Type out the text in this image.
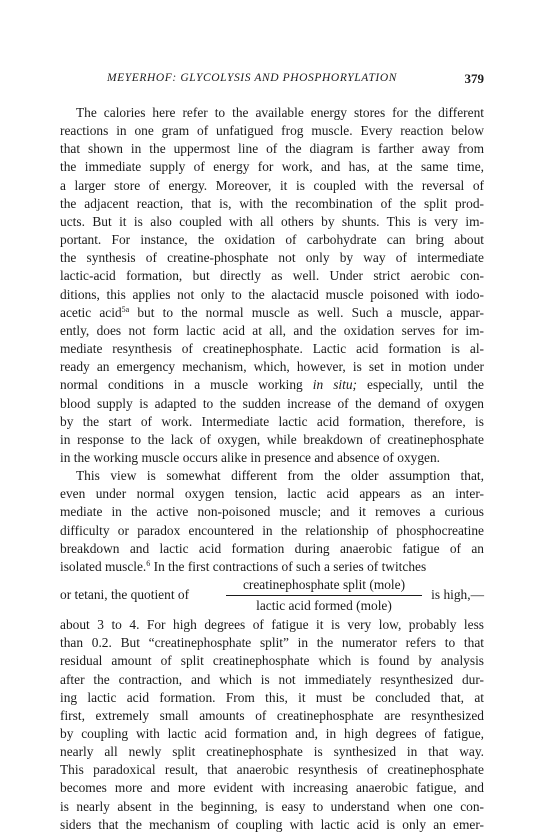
MEYERHOF: GLYCOLYSIS AND PHOSPHORYLATION	379

The calories here refer to the available energy stores for the different
reactions in one gram of unfatigued frog muscle. Every reaction below
that shown in the uppermost line of the diagram is farther away from
the immediate supply of energy for work, and has, at the same time,
a larger store of energy. Moreover, it is coupled with the reversal of
the adjacent reaction, that is, with the recombination of the split prod-
ucts. But it is also coupled with all others by shunts. This is very im-
portant. For instance, the oxidation of carbohydrate can bring about
the synthesis of creatine-phosphate not only by way of intermediate
lactic-acid formation, but directly as well. Under strict aerobic con-
ditions, this applies not only to the alactacid muscle poisoned with iodo-
acetic acid$^{5a}$ but to the normal muscle as well. Such a muscle, appar-
ently, does not form lactic acid at all, and the oxidation serves for im-
mediate resynthesis of creatinephosphate. Lactic acid formation is al-
ready an emergency mechanism, which, however, is set in motion under
normal conditions in a muscle working in situ; especially, until the
blood supply is adapted to the sudden increase of the demand of oxygen
by the start of work. Intermediate lactic acid formation, therefore, is
in response to the lack of oxygen, while breakdown of creatinephosphate
in the working muscle occurs alike in presence and absence of oxygen.

This view is somewhat different from the older assumption that,
even under normal oxygen tension, lactic acid appears as an inter-
mediate in the active non-poisoned muscle; and it removes a curious
difficulty or paradox encountered in the relationship of phosphocreatine
breakdown and lactic acid formation during anaerobic fatigue of an
isolated muscle.$^6$ In the first contractions of such a series of twitches

or tetani, the quotient of
creatinephosphate split (mole)
lactic acid formed (mole)
is high,—

about 3 to 4. For high degrees of fatigue it is very low, probably less
than 0.2. But “creatinephosphate split” in the numerator refers to that
residual amount of split creatinephosphate which is found by analysis
after the contraction, and which is not immediately resynthesized dur-
ing lactic acid formation. From this, it must be concluded that, at
first, extremely small amounts of creatinephosphate are resynthesized
by coupling with lactic acid formation and, in high degrees of fatigue,
nearly all newly split creatinephosphate is synthesized in that way.
This paradoxical result, that anaerobic resynthesis of creatinephosphate
becomes more and more evident with increasing anaerobic fatigue, and
is nearly absent in the beginning, is easy to understand when one con-
siders that the mechanism of coupling with lactic acid is only an emer-
